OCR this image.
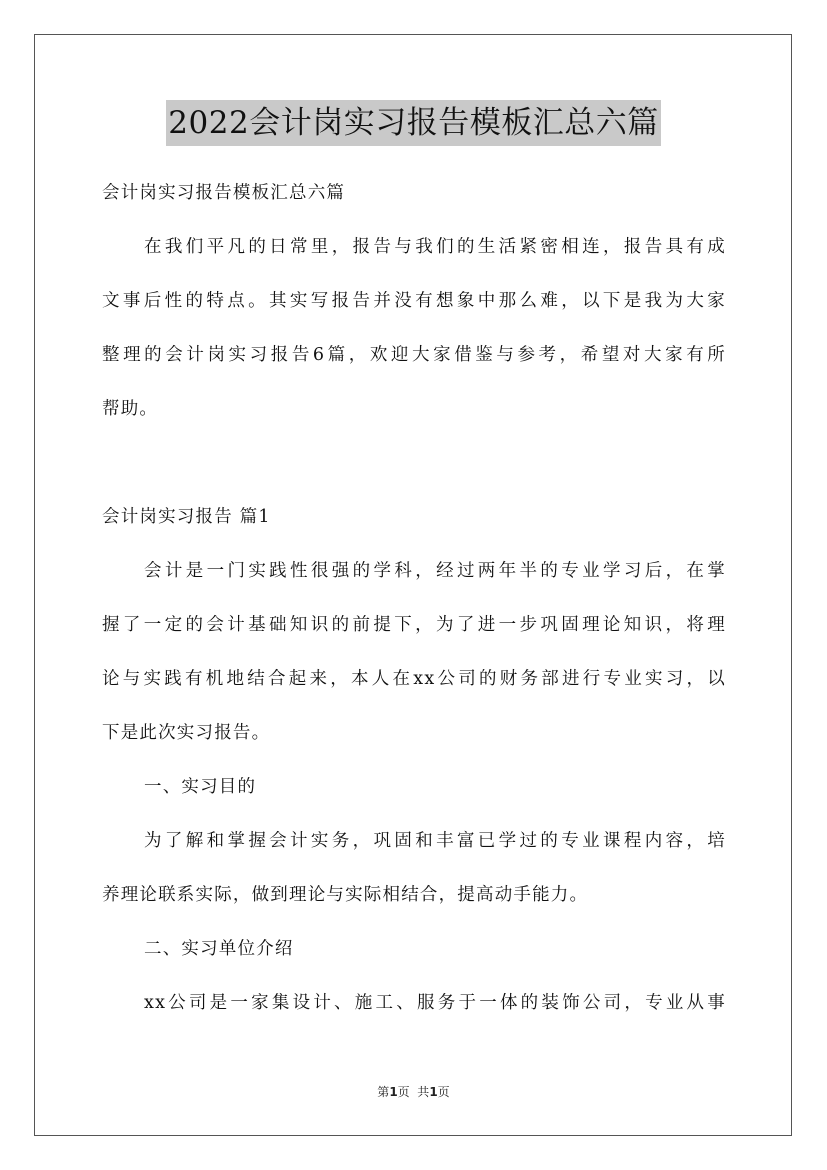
2022会计岗实习报告模板汇总六篇
会计岗实习报告模板汇总六篇
在我们平凡的日常里，报告与我们的生活紧密相连，报告具有成
文事后性的特点。其实写报告并没有想象中那么难，以下是我为大家
整理的会计岗实习报告6篇，欢迎大家借鉴与参考，希望对大家有所
帮助。
会计岗实习报告 篇1
会计是一门实践性很强的学科，经过两年半的专业学习后，在掌
握了一定的会计基础知识的前提下，为了进一步巩固理论知识，将理
论与实践有机地结合起来，本人在xx公司的财务部进行专业实习，以
下是此次实习报告。
一、实习目的
为了解和掌握会计实务，巩固和丰富已学过的专业课程内容，培
养理论联系实际，做到理论与实际相结合，提高动手能力。
二、实习单位介绍
xx公司是一家集设计、施工、服务于一体的装饰公司，专业从事
第1页  共1页
